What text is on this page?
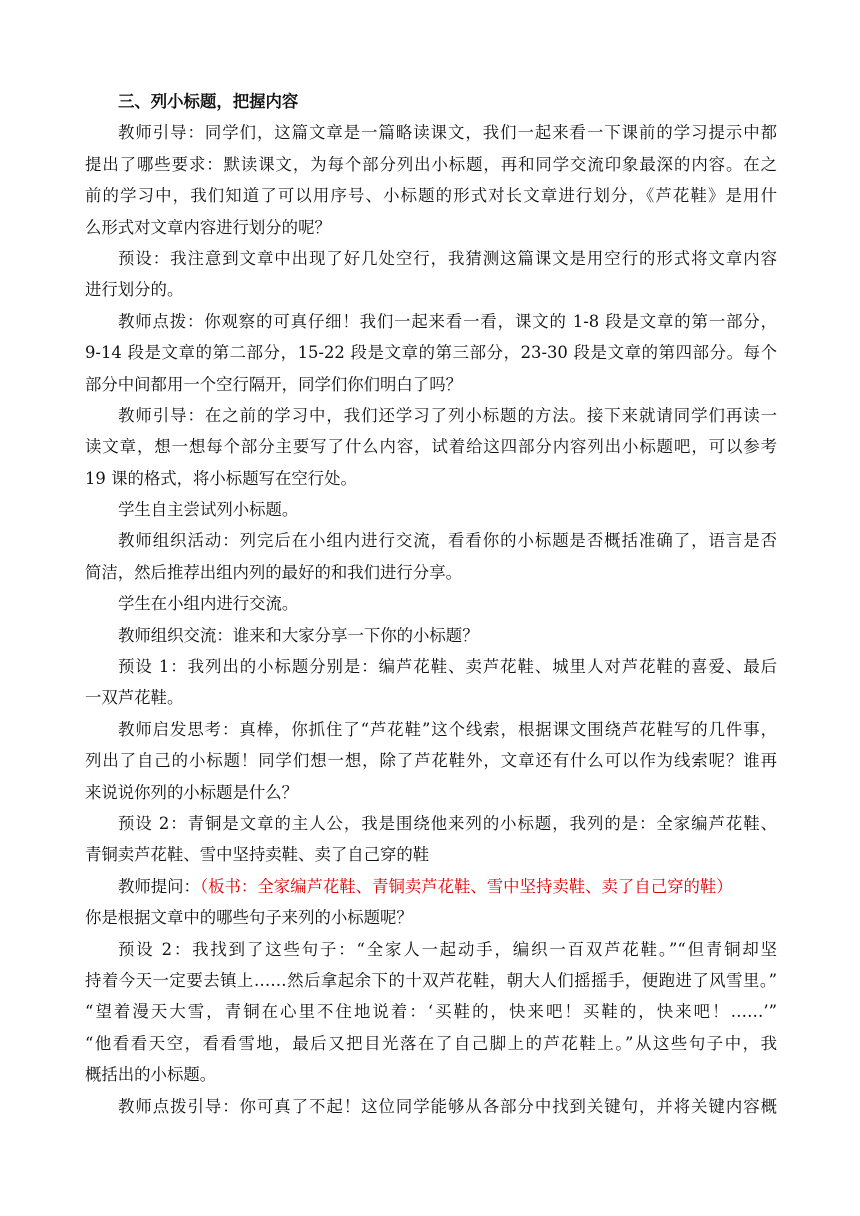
三、列小标题，把握内容
教师引导：同学们，这篇文章是一篇略读课文，我们一起来看一下课前的学习提示中都
提出了哪些要求：默读课文，为每个部分列出小标题，再和同学交流印象最深的内容。在之
前的学习中，我们知道了可以用序号、小标题的形式对长文章进行划分，《芦花鞋》是用什
么形式对文章内容进行划分的呢？
预设：我注意到文章中出现了好几处空行，我猜测这篇课文是用空行的形式将文章内容
进行划分的。
教师点拨：你观察的可真仔细！我们一起来看一看，课文的 1-8 段是文章的第一部分，
9-14 段是文章的第二部分，15-22 段是文章的第三部分，23-30 段是文章的第四部分。每个
部分中间都用一个空行隔开，同学们你们明白了吗？
教师引导：在之前的学习中，我们还学习了列小标题的方法。接下来就请同学们再读一
读文章，想一想每个部分主要写了什么内容，试着给这四部分内容列出小标题吧，可以参考
19 课的格式，将小标题写在空行处。
学生自主尝试列小标题。
教师组织活动：列完后在小组内进行交流，看看你的小标题是否概括准确了，语言是否
简洁，然后推荐出组内列的最好的和我们进行分享。
学生在小组内进行交流。
教师组织交流：谁来和大家分享一下你的小标题？
预设 1：我列出的小标题分别是：编芦花鞋、卖芦花鞋、城里人对芦花鞋的喜爱、最后
一双芦花鞋。
教师启发思考：真棒，你抓住了“芦花鞋”这个线索，根据课文围绕芦花鞋写的几件事，
列出了自己的小标题！同学们想一想，除了芦花鞋外，文章还有什么可以作为线索呢？谁再
来说说你列的小标题是什么？
预设 2：青铜是文章的主人公，我是围绕他来列的小标题，我列的是：全家编芦花鞋、
青铜卖芦花鞋、雪中坚持卖鞋、卖了自己穿的鞋
教师提问：（板书：全家编芦花鞋、青铜卖芦花鞋、雪中坚持卖鞋、卖了自己穿的鞋）
你是根据文章中的哪些句子来列的小标题呢？
预设 2：我找到了这些句子：“全家人一起动手，编织一百双芦花鞋。”“但青铜却坚
持着今天一定要去镇上……然后拿起余下的十双芦花鞋，朝大人们摇摇手，便跑进了风雪里。”
“望着漫天大雪，青铜在心里不住地说着：‘买鞋的，快来吧！买鞋的，快来吧！……’”
“他看看天空，看看雪地，最后又把目光落在了自己脚上的芦花鞋上。”从这些句子中，我
概括出的小标题。
教师点拨引导：你可真了不起！这位同学能够从各部分中找到关键句，并将关键内容概
